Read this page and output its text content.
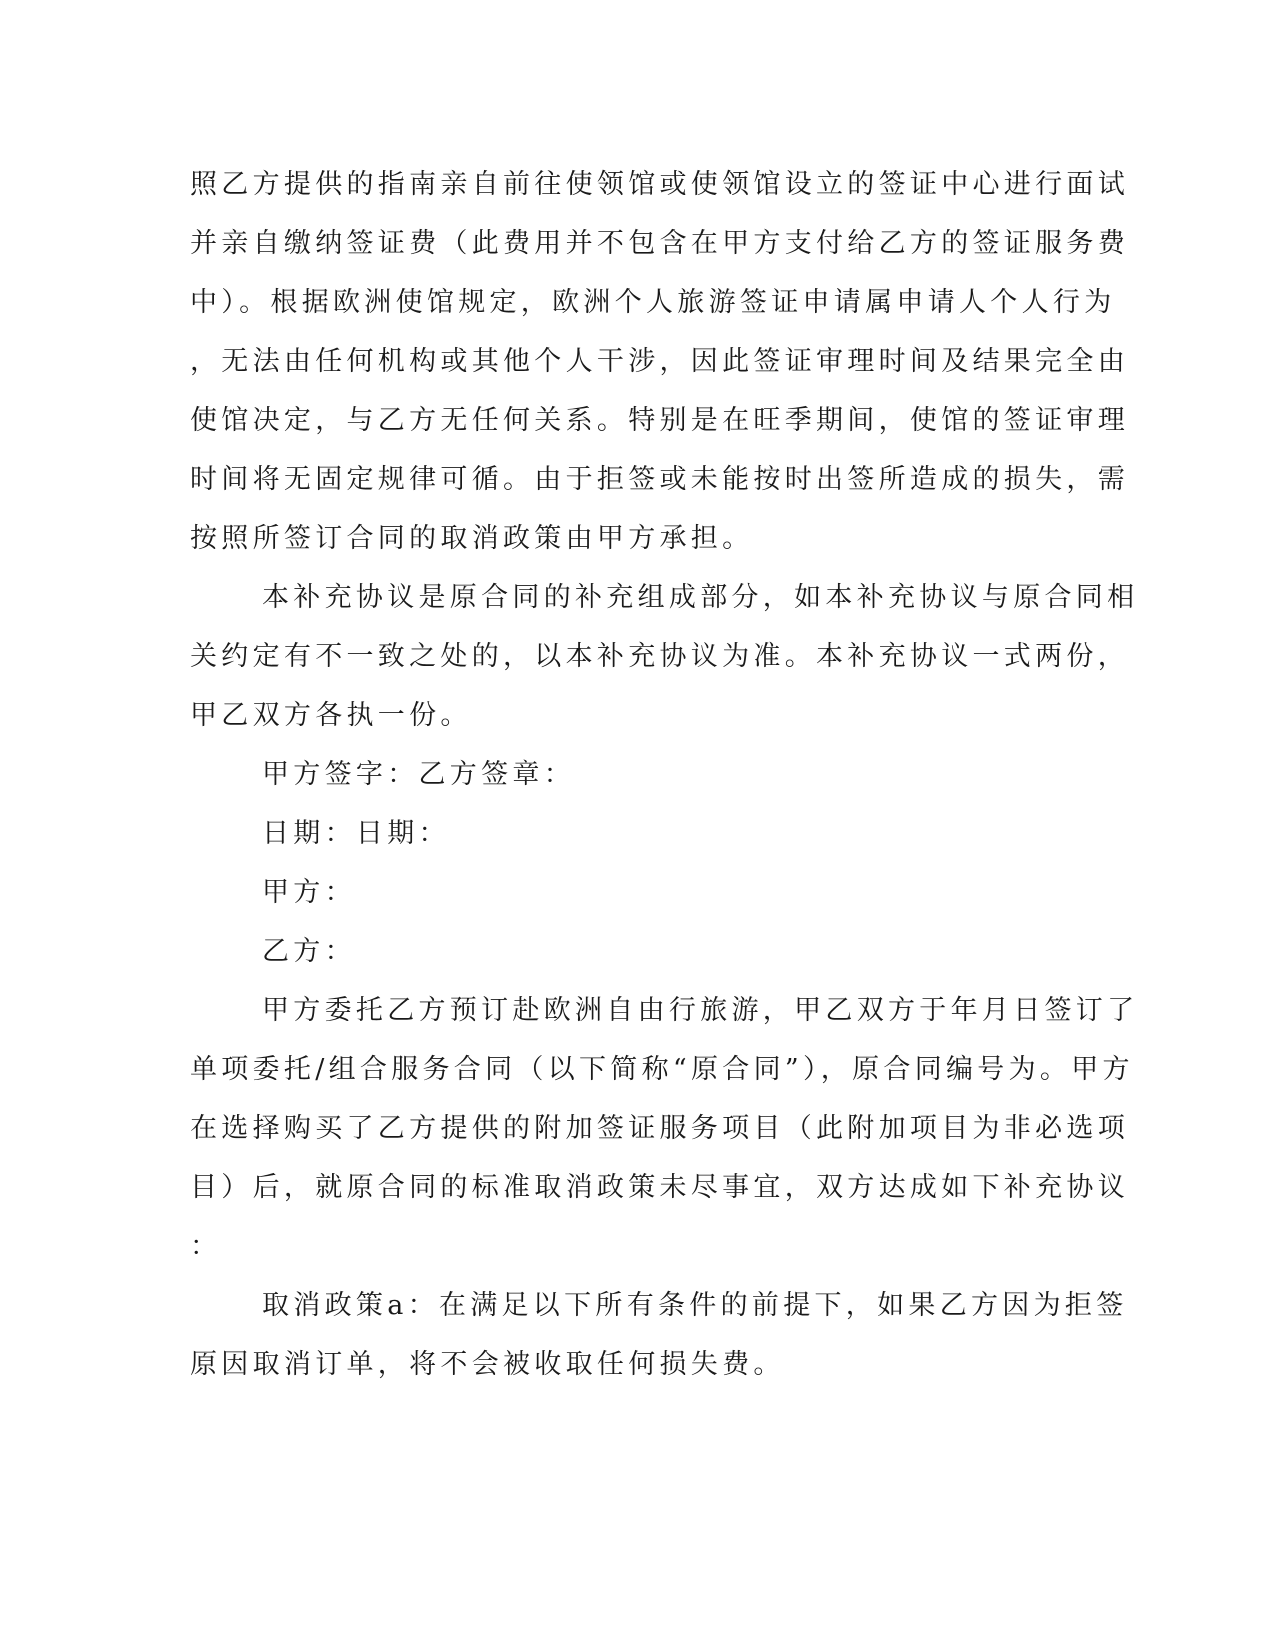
照乙方提供的指南亲自前往使领馆或使领馆设立的签证中心进行面试
并亲自缴纳签证费（此费用并不包含在甲方支付给乙方的签证服务费
中）。根据欧洲使馆规定，欧洲个人旅游签证申请属申请人个人行为
，无法由任何机构或其他个人干涉，因此签证审理时间及结果完全由
使馆决定，与乙方无任何关系。特别是在旺季期间，使馆的签证审理
时间将无固定规律可循。由于拒签或未能按时出签所造成的损失，需
按照所签订合同的取消政策由甲方承担。
本补充协议是原合同的补充组成部分，如本补充协议与原合同相
关约定有不一致之处的，以本补充协议为准。本补充协议一式两份，
甲乙双方各执一份。
甲方签字：乙方签章：
日期：日期：
甲方：
乙方：
甲方委托乙方预订赴欧洲自由行旅游，甲乙双方于年月日签订了
单项委托/组合服务合同（以下简称“原合同”），原合同编号为。甲方
在选择购买了乙方提供的附加签证服务项目（此附加项目为非必选项
目）后，就原合同的标准取消政策未尽事宜，双方达成如下补充协议
：
取消政策a：在满足以下所有条件的前提下，如果乙方因为拒签
原因取消订单，将不会被收取任何损失费。
